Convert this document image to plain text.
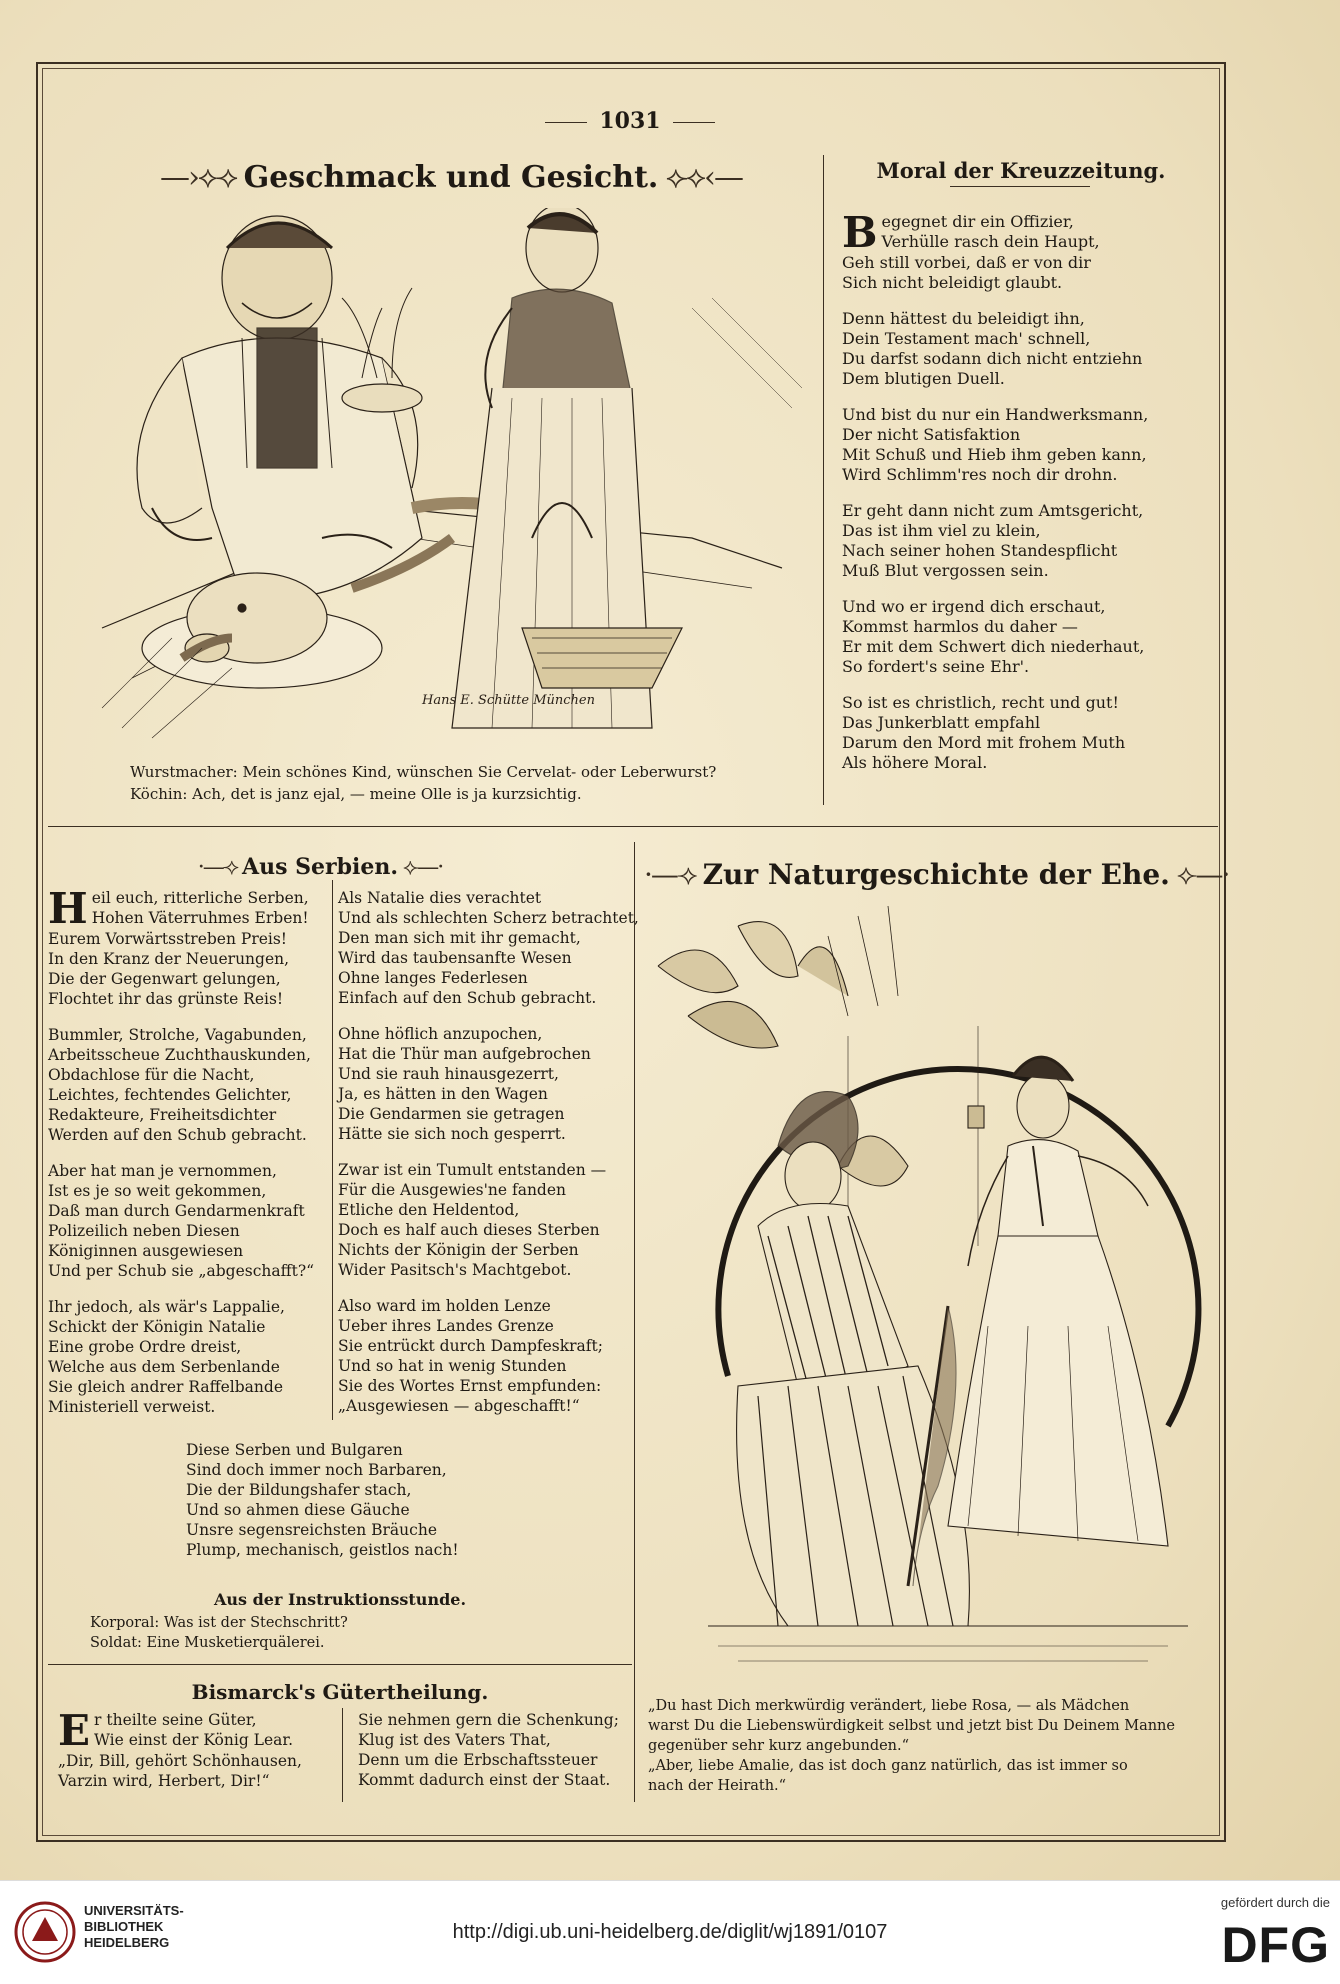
1031
—›⟡⟢ Geschmack und Gesicht. ⟣⟡‹—
Hans E. Schütte München
Wurstmacher: Mein schönes Kind, wünschen Sie Cervelat- oder Leberwurst?
Köchin: Ach, det is janz ejal, — meine Olle is ja kurzsichtig.
Moral der Kreuzzeitung.
B egegnet dir ein Offizier,

Verhülle rasch dein Haupt,

Geh still vorbei, daß er von dir

Sich nicht beleidigt glaubt.

Denn hättest du beleidigt ihn,

Dein Testament mach' schnell,

Du darfst sodann dich nicht entziehn

Dem blutigen Duell.

Und bist du nur ein Handwerksmann,

Der nicht Satisfaktion

Mit Schuß und Hieb ihm geben kann,

Wird Schlimm'res noch dir drohn.

Er geht dann nicht zum Amtsgericht,

Das ist ihm viel zu klein,

Nach seiner hohen Standespflicht

Muß Blut vergossen sein.

Und wo er irgend dich erschaut,

Kommst harmlos du daher —

Er mit dem Schwert dich niederhaut,

So fordert's seine Ehr'.

So ist es christlich, recht und gut!

Das Junkerblatt empfahl

Darum den Mord mit frohem Muth

Als höhere Moral.

·—⟢ Aus Serbien. ⟣—·
H eil euch, ritterliche Serben,

Hohen Väterruhmes Erben!

Eurem Vorwärtsstreben Preis!

In den Kranz der Neuerungen,

Die der Gegenwart gelungen,

Flochtet ihr das grünste Reis!

Bummler, Strolche, Vagabunden,

Arbeitsscheue Zuchthauskunden,

Obdachlose für die Nacht,

Leichtes, fechtendes Gelichter,

Redakteure, Freiheitsdichter

Werden auf den Schub gebracht.

Aber hat man je vernommen,

Ist es je so weit gekommen,

Daß man durch Gendarmenkraft

Polizeilich neben Diesen

Königinnen ausgewiesen

Und per Schub sie „abgeschafft?“

Ihr jedoch, als wär's Lappalie,

Schickt der Königin Natalie

Eine grobe Ordre dreist,

Welche aus dem Serbenlande

Sie gleich andrer Raffelbande

Ministeriell verweist.

Als Natalie dies verachtet

Und als schlechten Scherz betrachtet,

Den man sich mit ihr gemacht,

Wird das taubensanfte Wesen

Ohne langes Federlesen

Einfach auf den Schub gebracht.

Ohne höflich anzupochen,

Hat die Thür man aufgebrochen

Und sie rauh hinausgezerrt,

Ja, es hätten in den Wagen

Die Gendarmen sie getragen

Hätte sie sich noch gesperrt.

Zwar ist ein Tumult entstanden —

Für die Ausgewies'ne fanden

Etliche den Heldentod,

Doch es half auch dieses Sterben

Nichts der Königin der Serben

Wider Pasitsch's Machtgebot.

Also ward im holden Lenze

Ueber ihres Landes Grenze

Sie entrückt durch Dampfeskraft;

Und so hat in wenig Stunden

Sie des Wortes Ernst empfunden:

„Ausgewiesen — abgeschafft!“

Diese Serben und Bulgaren

Sind doch immer noch Barbaren,

Die der Bildungshafer stach,

Und so ahmen diese Gäuche

Unsre segensreichsten Bräuche

Plump, mechanisch, geistlos nach!

Aus der Instruktionsstunde.
Korporal: Was ist der Stechschritt?
Soldat: Eine Musketierquälerei.
Bismarck's Gütertheilung.
E r theilte seine Güter,

Wie einst der König Lear.

„Dir, Bill, gehört Schönhausen,

Varzin wird, Herbert, Dir!“

Sie nehmen gern die Schenkung;

Klug ist des Vaters That,

Denn um die Erbschaftssteuer

Kommt dadurch einst der Staat.

·—⟢ Zur Naturgeschichte der Ehe. ⟣—·

„Du hast Dich merkwürdig verändert, liebe Rosa, — als Mädchen

warst Du die Liebenswürdigkeit selbst und jetzt bist Du Deinem Manne

gegenüber sehr kurz angebunden.“

„Aber, liebe Amalie, das ist doch ganz natürlich, das ist immer so

nach der Heirath.“

UNIVERSITÄTS-
BIBLIOTHEK
HEIDELBERG	http://digi.ub.uni-heidelberg.de/diglit/wj1891/0107
gefördert durch die
DFG
